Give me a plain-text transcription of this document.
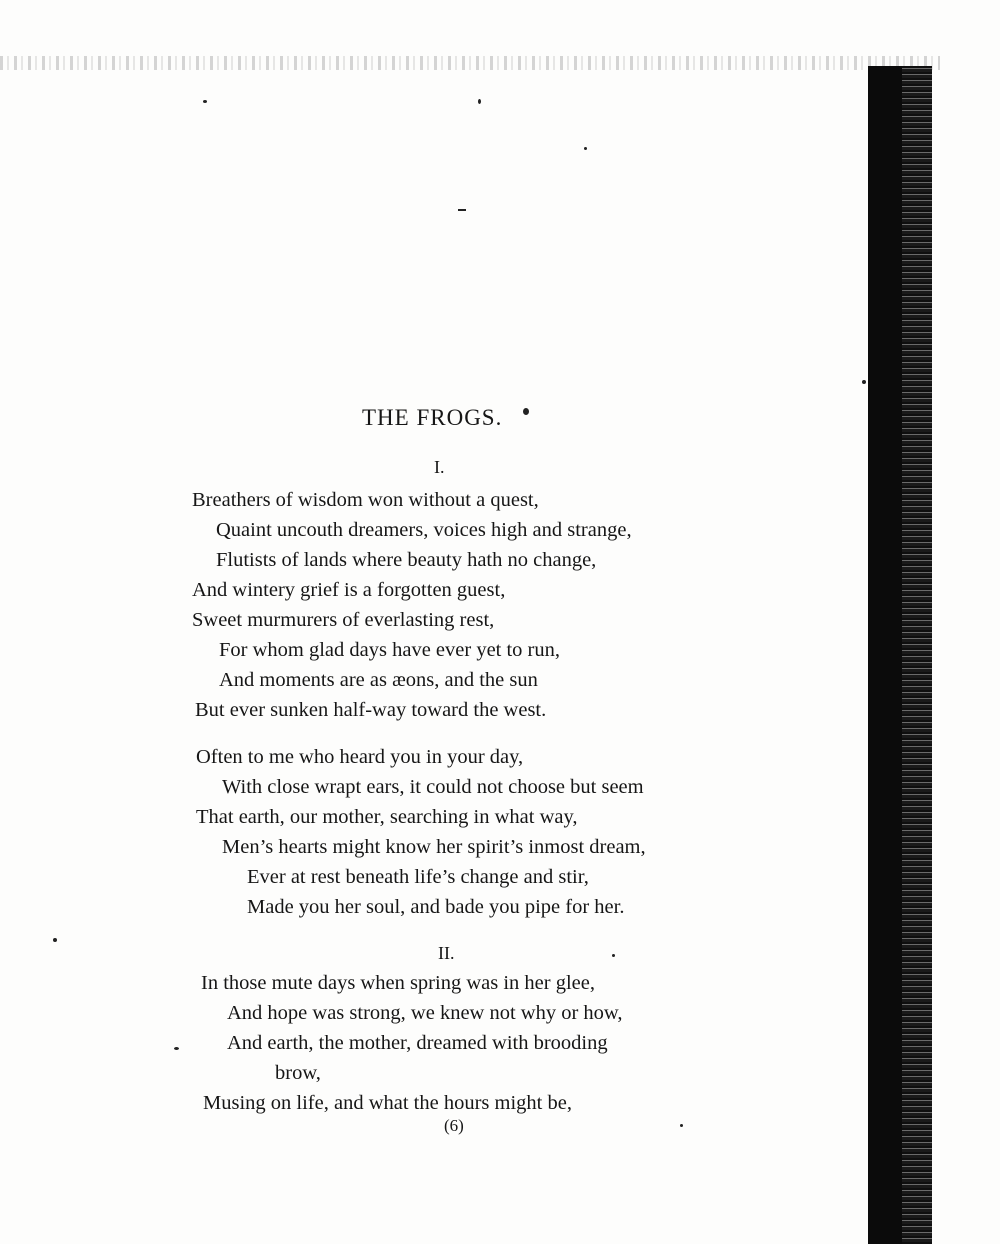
THE FROGS.

I.

Breathers of wisdom won without a quest,

Quaint uncouth dreamers, voices high and strange,

Flutists of lands where beauty hath no change,

And wintery grief is a forgotten guest,

Sweet murmurers of everlasting rest,

For whom glad days have ever yet to run,

And moments are as æons, and the sun

But ever sunken half-way toward the west.

Often to me who heard you in your day,

With close wrapt ears, it could not choose but seem

That earth, our mother, searching in what way,

Men’s hearts might know her spirit’s inmost dream,

Ever at rest beneath life’s change and stir,

Made you her soul, and bade you pipe for her.

II.

In those mute days when spring was in her glee,

And hope was strong, we knew not why or how,

And earth, the mother, dreamed with brooding

brow,

Musing on life, and what the hours might be,

(6)
